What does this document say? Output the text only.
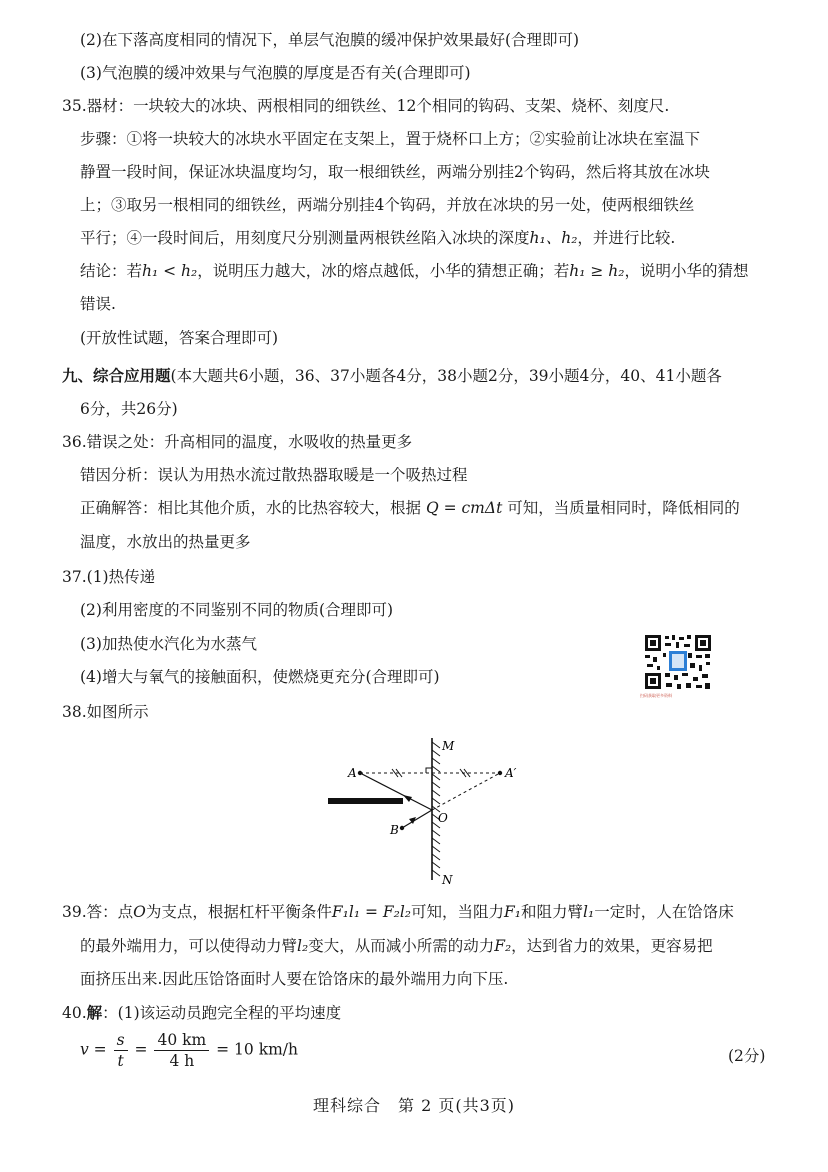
(2)在下落高度相同的情况下，单层气泡膜的缓冲保护效果最好(合理即可)
(3)气泡膜的缓冲效果与气泡膜的厚度是否有关(合理即可)
35.器材：一块较大的冰块、两根相同的细铁丝、12个相同的钩码、支架、烧杯、刻度尺.
步骤：①将一块较大的冰块水平固定在支架上，置于烧杯口上方；②实验前让冰块在室温下
静置一段时间，保证冰块温度均匀，取一根细铁丝，两端分别挂2个钩码，然后将其放在冰块
上；③取另一根相同的细铁丝，两端分别挂4个钩码，并放在冰块的另一处，使两根细铁丝
平行；④一段时间后，用刻度尺分别测量两根铁丝陷入冰块的深度h₁、h₂，并进行比较.
结论：若h₁ < h₂，说明压力越大，冰的熔点越低，小华的猜想正确；若h₁ ≥ h₂，说明小华的猜想
错误.
(开放性试题，答案合理即可)
九、综合应用题(本大题共6小题，36、37小题各4分，38小题2分，39小题4分，40、41小题各
6分，共26分)
36.错误之处：升高相同的温度，水吸收的热量更多
错因分析：误认为用热水流过散热器取暖是一个吸热过程
正确解答：相比其他介质，水的比热容较大，根据 Q = cmΔt 可知，当质量相同时，降低相同的
温度，水放出的热量更多
37.(1)热传递
(2)利用密度的不同鉴别不同的物质(合理即可)
(3)加热使水汽化为水蒸气
(4)增大与氧气的接触面积，使燃烧更充分(合理即可)
38.如图所示
扫码获取更多资料
M
N
A	A′
B
O
39.答：点O为支点，根据杠杆平衡条件F₁l₁ = F₂l₂可知，当阻力F₁和阻力臂l₁一定时，人在饸饹床
的最外端用力，可以使得动力臂l₂变大，从而减小所需的动力F₂，达到省力的效果，更容易把
面挤压出来.因此压饸饹面时人要在饸饹床的最外端用力向下压.
40.解：(1)该运动员跑完全程的平均速度
$v = \frac{s}{t} = \frac{40 km}{4 h} = 10$ km/h	(2分)
理科综合　第 2 页(共3页)
